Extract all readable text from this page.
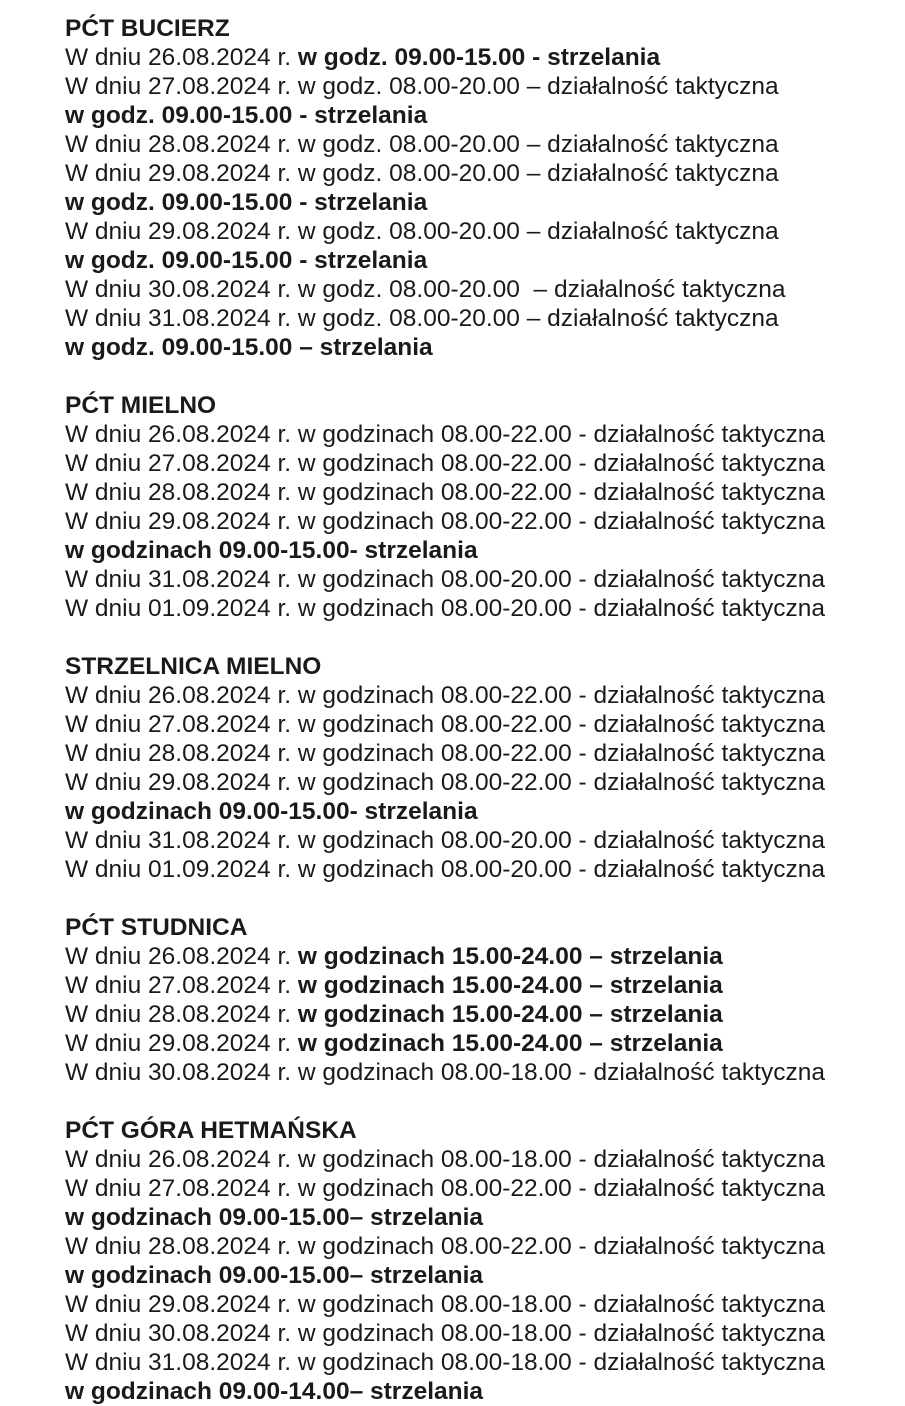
PĆT BUCIERZ

W dniu 26.08.2024 r. w godz. 09.00-15.00 - strzelania

W dniu 27.08.2024 r. w godz. 08.00-20.00 – działalność taktyczna

w godz. 09.00-15.00 - strzelania

W dniu 28.08.2024 r. w godz. 08.00-20.00 – działalność taktyczna

W dniu 29.08.2024 r. w godz. 08.00-20.00 – działalność taktyczna

w godz. 09.00-15.00 - strzelania

W dniu 29.08.2024 r. w godz. 08.00-20.00 – działalność taktyczna

w godz. 09.00-15.00 - strzelania

W dniu 30.08.2024 r. w godz. 08.00-20.00  – działalność taktyczna

W dniu 31.08.2024 r. w godz. 08.00-20.00 – działalność taktyczna

w godz. 09.00-15.00 – strzelania

PĆT MIELNO

W dniu 26.08.2024 r. w godzinach 08.00-22.00 - działalność taktyczna

W dniu 27.08.2024 r. w godzinach 08.00-22.00 - działalność taktyczna

W dniu 28.08.2024 r. w godzinach 08.00-22.00 - działalność taktyczna

W dniu 29.08.2024 r. w godzinach 08.00-22.00 - działalność taktyczna

w godzinach 09.00-15.00- strzelania

W dniu 31.08.2024 r. w godzinach 08.00-20.00 - działalność taktyczna

W dniu 01.09.2024 r. w godzinach 08.00-20.00 - działalność taktyczna

STRZELNICA MIELNO

W dniu 26.08.2024 r. w godzinach 08.00-22.00 - działalność taktyczna

W dniu 27.08.2024 r. w godzinach 08.00-22.00 - działalność taktyczna

W dniu 28.08.2024 r. w godzinach 08.00-22.00 - działalność taktyczna

W dniu 29.08.2024 r. w godzinach 08.00-22.00 - działalność taktyczna

w godzinach 09.00-15.00- strzelania

W dniu 31.08.2024 r. w godzinach 08.00-20.00 - działalność taktyczna

W dniu 01.09.2024 r. w godzinach 08.00-20.00 - działalność taktyczna

PĆT STUDNICA

W dniu 26.08.2024 r. w godzinach 15.00-24.00 – strzelania

W dniu 27.08.2024 r. w godzinach 15.00-24.00 – strzelania

W dniu 28.08.2024 r. w godzinach 15.00-24.00 – strzelania

W dniu 29.08.2024 r. w godzinach 15.00-24.00 – strzelania

W dniu 30.08.2024 r. w godzinach 08.00-18.00 - działalność taktyczna

PĆT GÓRA HETMAŃSKA

W dniu 26.08.2024 r. w godzinach 08.00-18.00 - działalność taktyczna

W dniu 27.08.2024 r. w godzinach 08.00-22.00 - działalność taktyczna

w godzinach 09.00-15.00– strzelania

W dniu 28.08.2024 r. w godzinach 08.00-22.00 - działalność taktyczna

w godzinach 09.00-15.00– strzelania

W dniu 29.08.2024 r. w godzinach 08.00-18.00 - działalność taktyczna

W dniu 30.08.2024 r. w godzinach 08.00-18.00 - działalność taktyczna

W dniu 31.08.2024 r. w godzinach 08.00-18.00 - działalność taktyczna

w godzinach 09.00-14.00– strzelania
